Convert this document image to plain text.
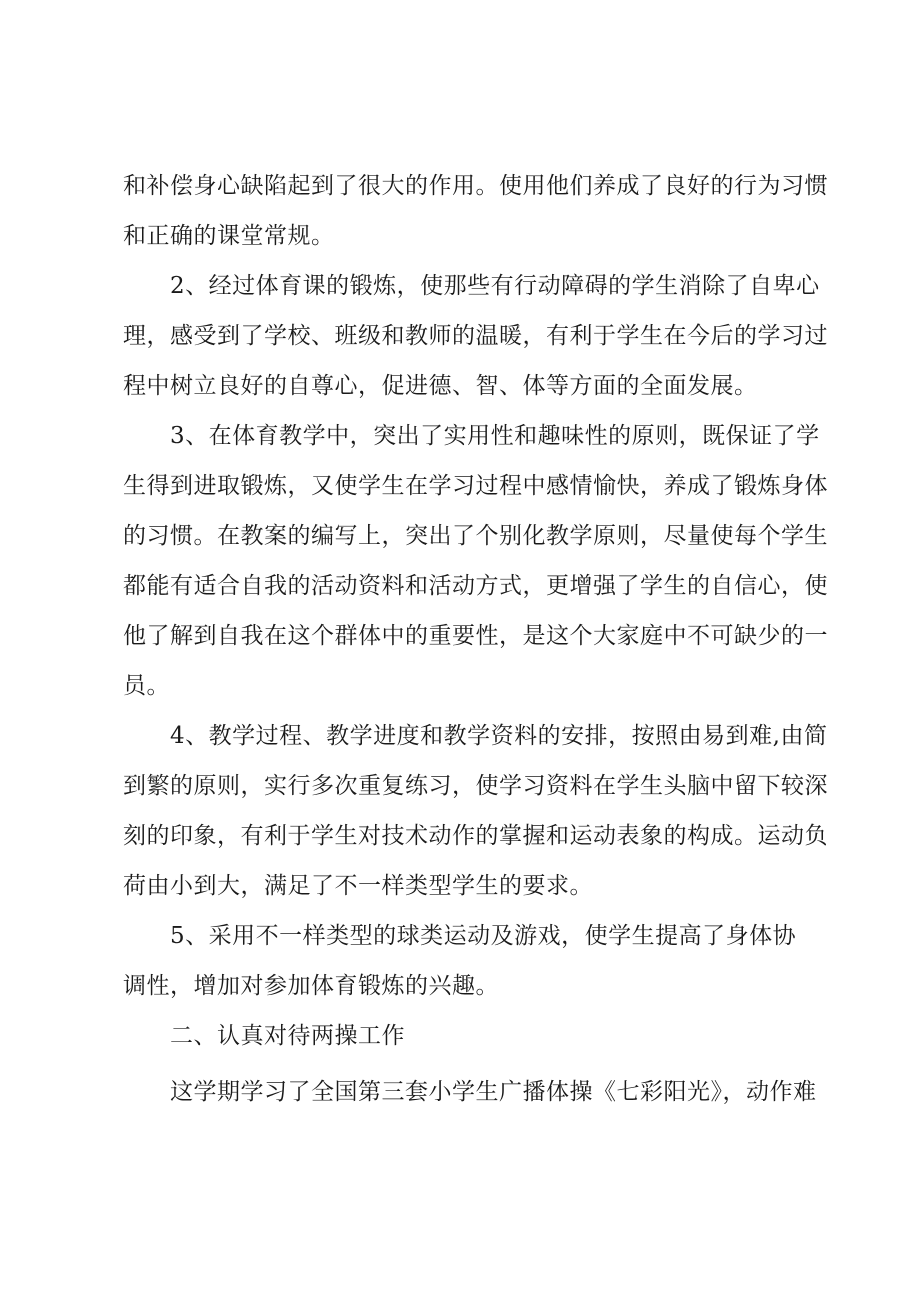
和补偿身心缺陷起到了很大的作用。使用他们养成了良好的行为习惯
和正确的课堂常规。
2、经过体育课的锻炼，使那些有行动障碍的学生消除了自卑心
理，感受到了学校、班级和教师的温暖，有利于学生在今后的学习过
程中树立良好的自尊心，促进德、智、体等方面的全面发展。
3、在体育教学中，突出了实用性和趣味性的原则，既保证了学
生得到进取锻炼，又使学生在学习过程中感情愉快，养成了锻炼身体
的习惯。在教案的编写上，突出了个别化教学原则，尽量使每个学生
都能有适合自我的活动资料和活动方式，更增强了学生的自信心，使
他了解到自我在这个群体中的重要性，是这个大家庭中不可缺少的一
员。
4、教学过程、教学进度和教学资料的安排，按照由易到难,由简
到繁的原则，实行多次重复练习，使学习资料在学生头脑中留下较深
刻的印象，有利于学生对技术动作的掌握和运动表象的构成。运动负
荷由小到大，满足了不一样类型学生的要求。
5、采用不一样类型的球类运动及游戏，使学生提高了身体协
调性，增加对参加体育锻炼的兴趣。
二、认真对待两操工作
这学期学习了全国第三套小学生广播体操《七彩阳光》，动作难
